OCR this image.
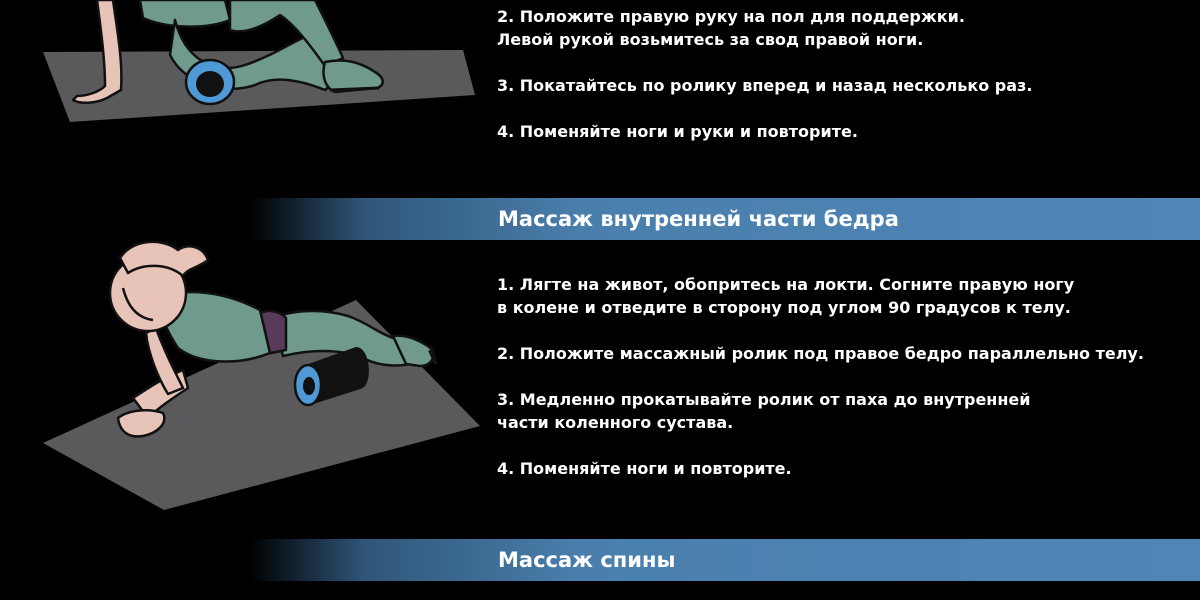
2. Положите правую руку на пол для поддержки.
Левой рукой возьмитесь за свод правой ноги.
3. Покатайтесь по ролику вперед и назад несколько раз.
4. Поменяйте ноги и руки и повторите.
Массаж внутренней части бедра
1. Лягте на живот, обопритесь на локти. Согните правую ногу
в колене и отведите в сторону под углом 90 градусов к телу.
2. Положите массажный ролик под правое бедро параллельно телу.
3. Медленно прокатывайте ролик от паха до внутренней
части коленного сустава.
4. Поменяйте ноги и повторите.
Массаж спины
